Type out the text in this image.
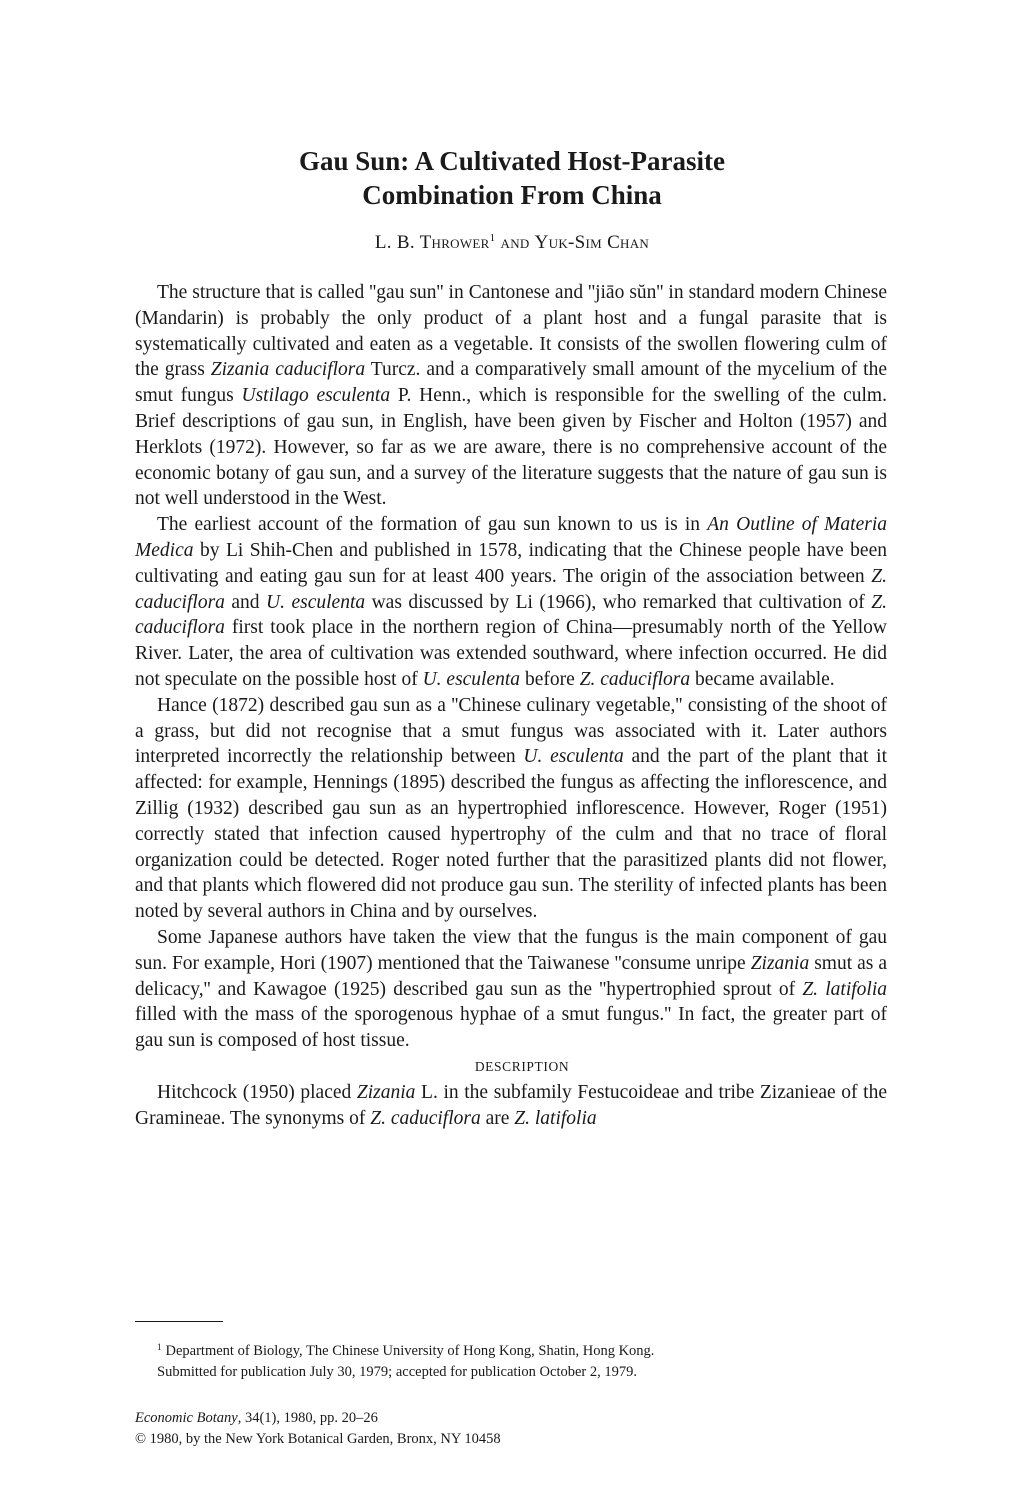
Gau Sun: A Cultivated Host-Parasite
Combination From China
L. B. Thrower$^1$ and Yuk-Sim Chan

The structure that is called ''gau sun'' in Cantonese and ''jiāo sŭn'' in standard modern Chinese (Mandarin) is probably the only product of a plant host and a fungal parasite that is systematically cultivated and eaten as a vegetable. It consists of the swollen flowering culm of the grass Zizania caduciflora Turcz. and a comparatively small amount of the mycelium of the smut fungus Ustilago esculenta P. Henn., which is responsible for the swelling of the culm. Brief descriptions of gau sun, in English, have been given by Fischer and Holton (1957) and Herklots (1972). However, so far as we are aware, there is no comprehensive account of the economic botany of gau sun, and a survey of the literature suggests that the nature of gau sun is not well understood in the West.

The earliest account of the formation of gau sun known to us is in An Outline of Materia Medica by Li Shih-Chen and published in 1578, indicating that the Chinese people have been cultivating and eating gau sun for at least 400 years. The origin of the association between Z. caduciflora and U. esculenta was discussed by Li (1966), who remarked that cultivation of Z. caduciflora first took place in the northern region of China—presumably north of the Yellow River. Later, the area of cultivation was extended southward, where infection occurred. He did not speculate on the possible host of U. esculenta before Z. caduciflora became available.

Hance (1872) described gau sun as a ''Chinese culinary vegetable,'' consisting of the shoot of a grass, but did not recognise that a smut fungus was associated with it. Later authors interpreted incorrectly the relationship between U. esculenta and the part of the plant that it affected: for example, Hennings (1895) described the fungus as affecting the inflorescence, and Zillig (1932) described gau sun as an hypertrophied inflorescence. However, Roger (1951) correctly stated that infection caused hypertrophy of the culm and that no trace of floral organization could be detected. Roger noted further that the parasitized plants did not flower, and that plants which flowered did not produce gau sun. The sterility of infected plants has been noted by several authors in China and by ourselves.

Some Japanese authors have taken the view that the fungus is the main component of gau sun. For example, Hori (1907) mentioned that the Taiwanese ''consume unripe Zizania smut as a delicacy,'' and Kawagoe (1925) described gau sun as the ''hypertrophied sprout of Z. latifolia filled with the mass of the sporogenous hyphae of a smut fungus.'' In fact, the greater part of gau sun is composed of host tissue.

DESCRIPTION

Hitchcock (1950) placed Zizania L. in the subfamily Festucoideae and tribe Zizanieae of the Gramineae. The synonyms of Z. caduciflora are Z. latifolia

$^1$ Department of Biology, The Chinese University of Hong Kong, Shatin, Hong Kong.
Submitted for publication July 30, 1979; accepted for publication October 2, 1979.
Economic Botany, 34(1), 1980, pp. 20–26
© 1980, by the New York Botanical Garden, Bronx, NY 10458
